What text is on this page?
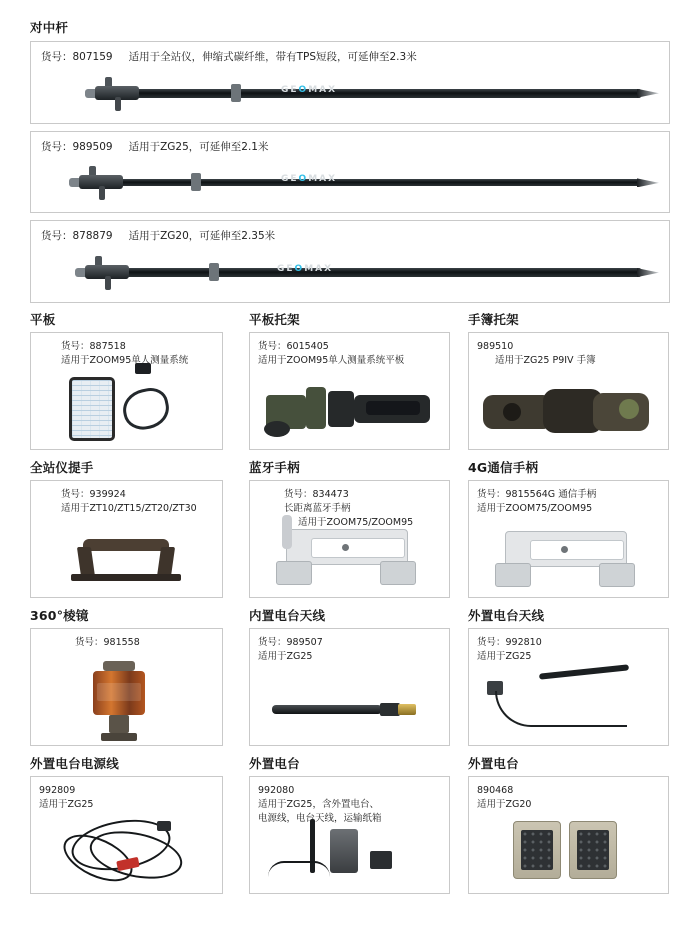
对中杆
货号：807159 适用于全站仪，伸缩式碳纤维，带有TPS短段，可延伸至2.3米
GEOMAX
货号：989509 适用于ZG25，可延伸至2.1米
GEOMAX
货号：878879 适用于ZG20，可延伸至2.35米
GEOMAX
平板
货号：887518
适用于ZOOM95单人测量系统
平板托架
货号：6015405
适用于ZOOM95单人测量系统平板
手簿托架
989510
适用于ZG25 P9IV 手簿
全站仪提手
货号：939924
适用于ZT10/ZT15/ZT20/ZT30
蓝牙手柄
货号：834473
长距离蓝牙手柄
适用于ZOOM75/ZOOM95
4G通信手柄
货号：9815564G 通信手柄
适用于ZOOM75/ZOOM95
360°棱镜
货号：981558
内置电台天线
货号：989507
适用于ZG25
外置电台天线
货号：992810
适用于ZG25
外置电台电源线
992809
适用于ZG25
外置电台
992080
适用于ZG25，含外置电台、
电源线，电台天线，运输纸箱
外置电台
890468
适用于ZG20
